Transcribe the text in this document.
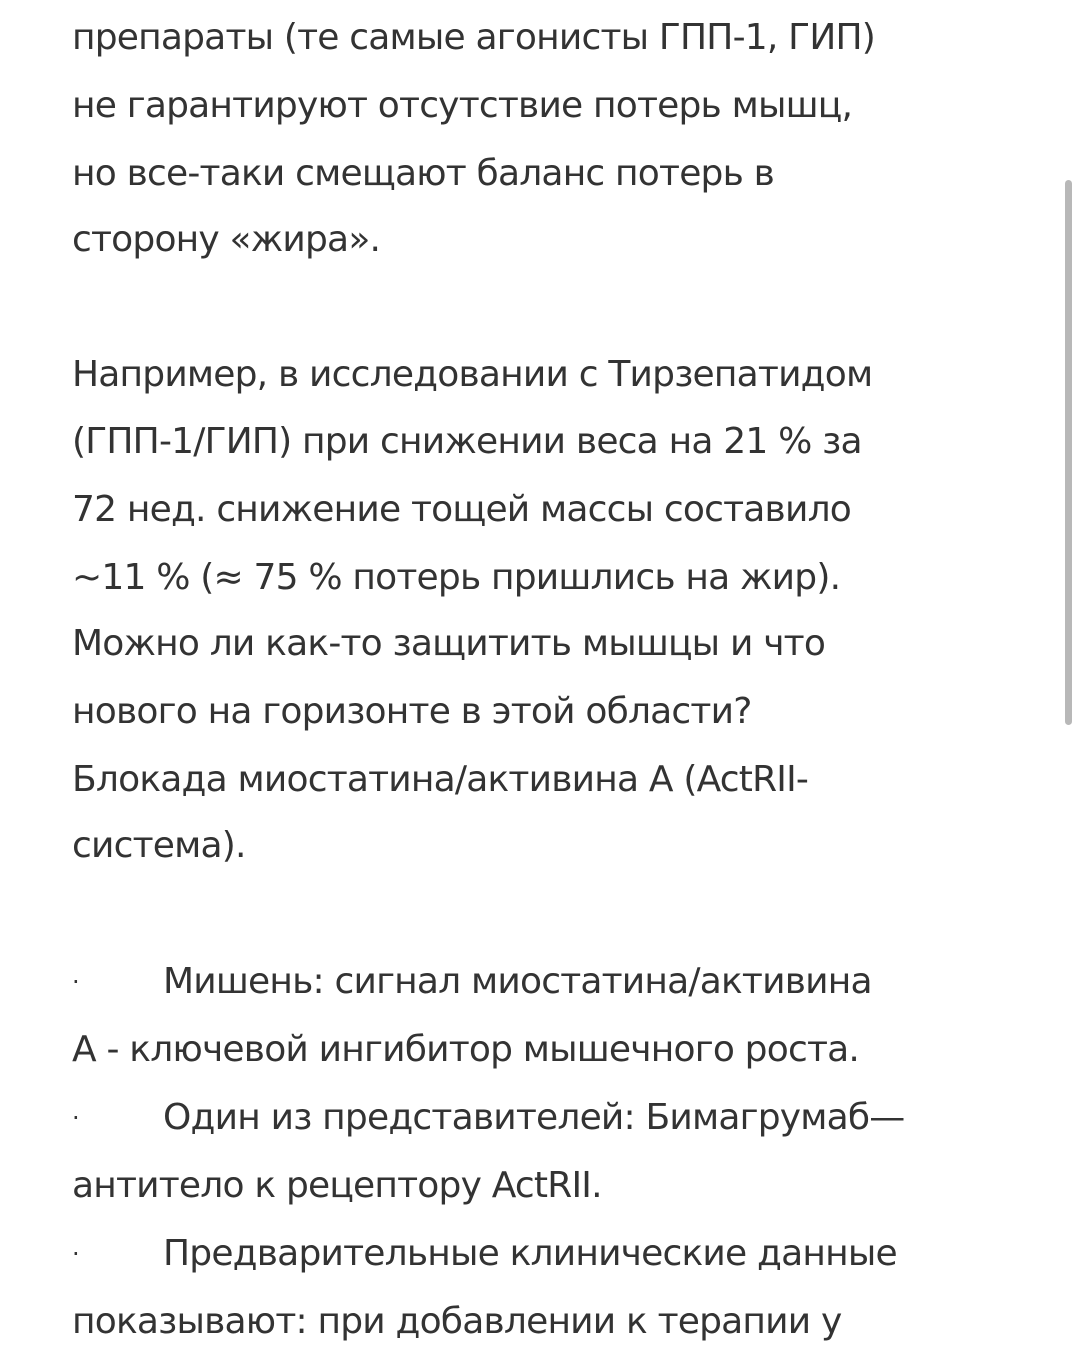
препараты (те самые агонисты ГПП-1, ГИП)
не гарантируют отсутствие потерь мышц,
но все-таки смещают баланс потерь в
сторону «жира».
Например, в исследовании с Тирзепатидом
(ГПП-1/ГИП) при снижении веса на 21 % за
72 нед. снижение тощей массы составило
~11 % (≈ 75 % потерь пришлись на жир).
Можно ли как-то защитить мышцы и что
нового на горизонте в этой области?
Блокада миостатина/активина А (ActRII-
система).
· Мишень: сигнал миостатина/активина
А - ключевой ингибитор мышечного роста.
· Один из представителей: Бимагрумаб—
антитело к рецептору ActRII.
· Предварительные клинические данные
показывают: при добавлении к терапии у
